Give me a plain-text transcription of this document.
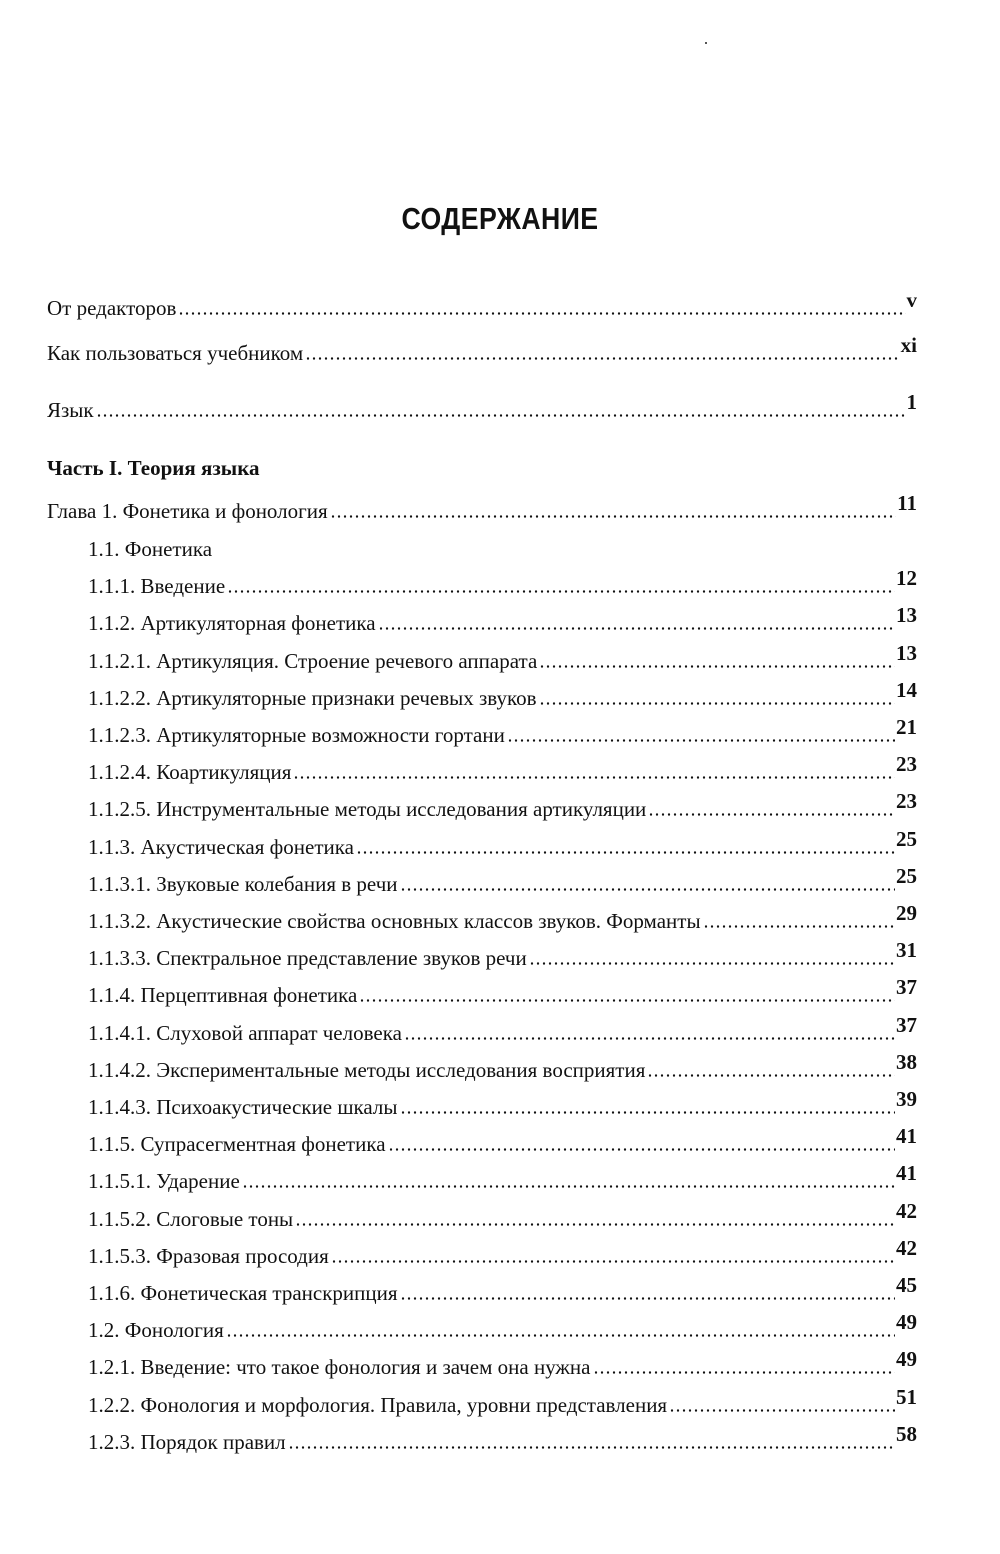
СОДЕРЖАНИЕ
От редакторов	v
Как пользоваться учебником	xi
Язык	1
Часть I. Теория языка
Глава 1. Фонетика и фонология	11
1.1. Фонетика
1.1.1. Введение	12
1.1.2. Артикуляторная фонетика	13
1.1.2.1. Артикуляция. Строение речевого аппарата	13
1.1.2.2. Артикуляторные признаки речевых звуков	14
1.1.2.3. Артикуляторные возможности гортани	21
1.1.2.4. Коартикуляция	23
1.1.2.5. Инструментальные методы исследования артикуляции	23
1.1.3. Акустическая фонетика	25
1.1.3.1. Звуковые колебания в речи	25
1.1.3.2. Акустические свойства основных классов звуков. Форманты	29
1.1.3.3. Спектральное представление звуков речи	31
1.1.4. Перцептивная фонетика	37
1.1.4.1. Слуховой аппарат человека	37
1.1.4.2. Экспериментальные методы исследования восприятия	38
1.1.4.3. Психоакустические шкалы	39
1.1.5. Супрасегментная фонетика	41
1.1.5.1. Ударение	41
1.1.5.2. Слоговые тоны	42
1.1.5.3. Фразовая просодия	42
1.1.6. Фонетическая транскрипция	45
1.2. Фонология	49
1.2.1. Введение: что такое фонология и зачем она нужна	49
1.2.2. Фонология и морфология. Правила, уровни представления	51
1.2.3. Порядок правил	58
